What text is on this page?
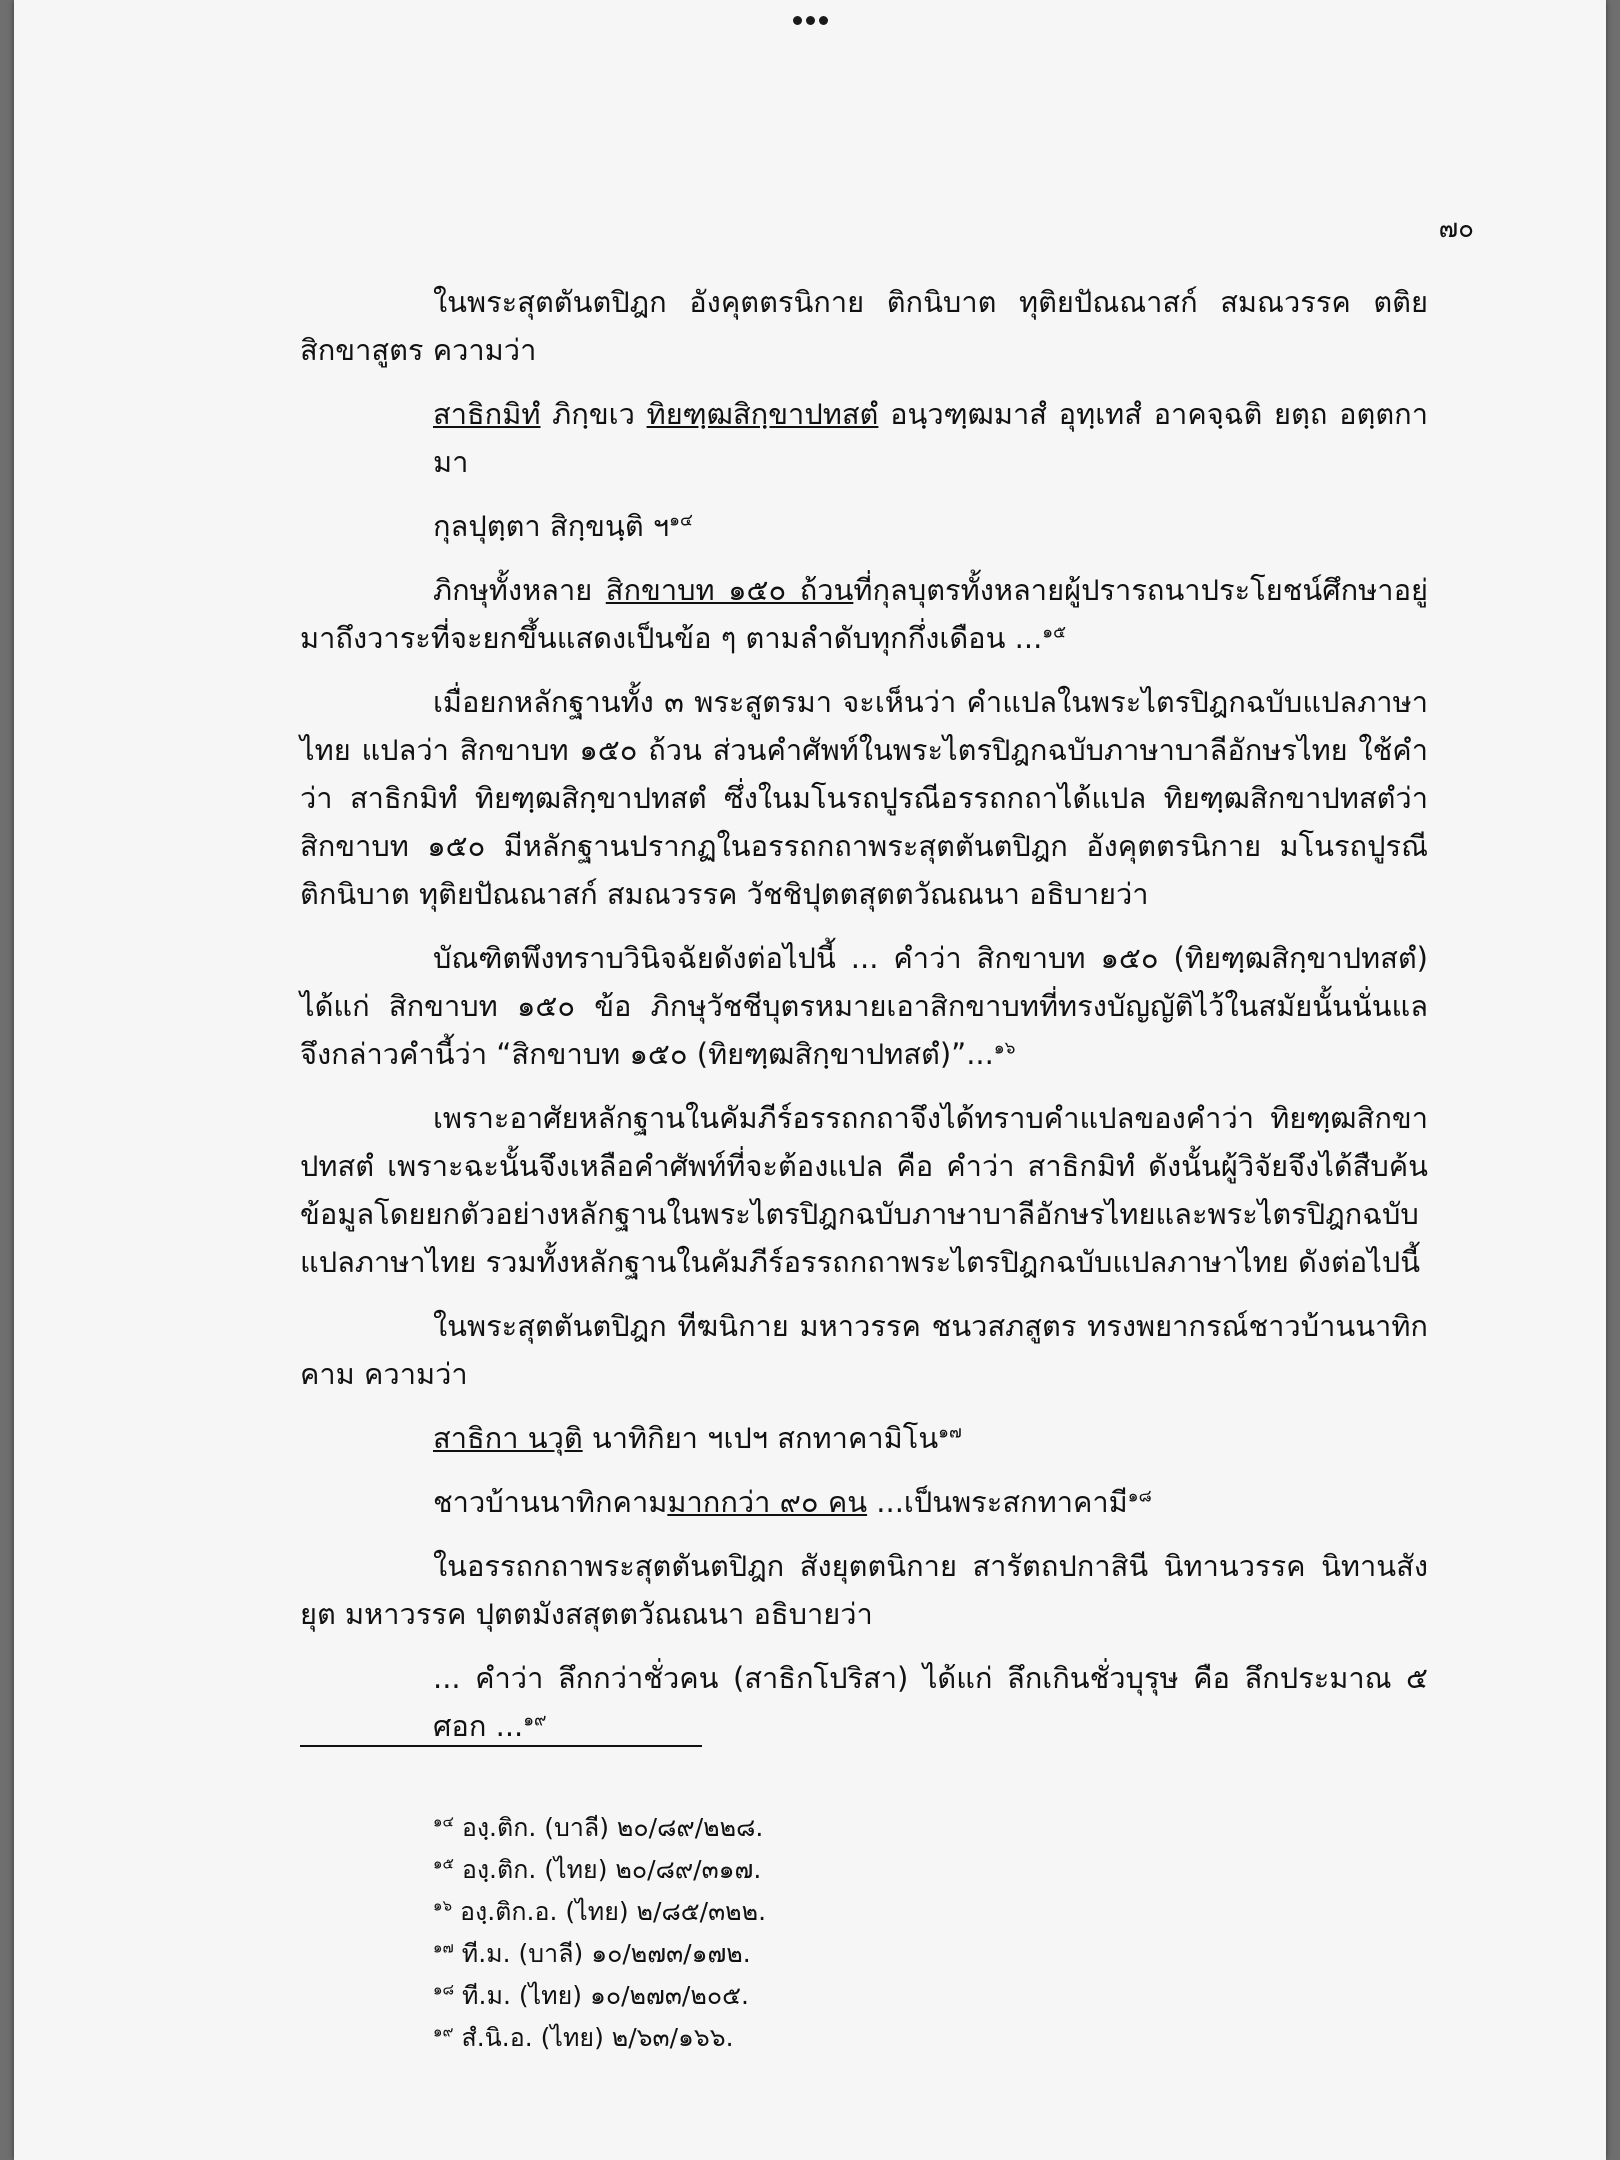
๗๐

ในพระสุตตันตปิฎก อังคุตตรนิกาย ติกนิบาต ทุติยปัณณาสก์ สมณวรรค ตติยสิกขาสูตร ความว่า

สาธิกมิทํ ภิกฺขเว ทิยฑฺฒสิกฺขาปทสตํ อนฺวฑฺฒมาสํ อุทฺเทสํ อาคจฺฉติ ยตฺถ อตฺตกามา

กุลปุตฺตา สิกฺขนฺติ ฯ$^{๑๔}$

ภิกษุทั้งหลาย สิกขาบท ๑๕๐ ถ้วนที่กุลบุตรทั้งหลายผู้ปรารถนาประโยชน์ศึกษาอยู่ มาถึงวาระที่จะยกขึ้นแสดงเป็นข้อ ๆ ตามลำดับทุกกึ่งเดือน ...$^{๑๕}$

เมื่อยกหลักฐานทั้ง ๓ พระสูตรมา จะเห็นว่า คำแปลในพระไตรปิฎกฉบับแปลภาษาไทย แปลว่า สิกขาบท ๑๕๐ ถ้วน ส่วนคำศัพท์ในพระไตรปิฎกฉบับภาษาบาลีอักษรไทย ใช้คำว่า สาธิกมิทํ ทิยฑฺฒสิกฺขาปทสตํ ซึ่งในมโนรถปูรณีอรรถกถาได้แปล ทิยฑฺฒสิกขาปทสตํว่า สิกขาบท ๑๕๐ มีหลักฐานปรากฏในอรรถกถาพระสุตตันตปิฎก อังคุตตรนิกาย มโนรถปูรณี ติกนิบาต ทุติยปัณณาสก์ สมณวรรค วัชชิปุตตสุตตวัณณนา อธิบายว่า

บัณฑิตพึงทราบวินิจฉัยดังต่อไปนี้ ... คำว่า สิกขาบท ๑๕๐ (ทิยฑฺฒสิกฺขาปทสตํ) ได้แก่ สิกขาบท ๑๕๐ ข้อ ภิกษุวัชชีบุตรหมายเอาสิกขาบทที่ทรงบัญญัติไว้ในสมัยนั้นนั่นแล จึงกล่าวคำนี้ว่า “สิกขาบท ๑๕๐ (ทิยฑฺฒสิกฺขาปทสตํ)”...$^{๑๖}$

เพราะอาศัยหลักฐานในคัมภีร์อรรถกถาจึงได้ทราบคำแปลของคำว่า ทิยฑฺฒสิกขาปทสตํ เพราะฉะนั้นจึงเหลือคำศัพท์ที่จะต้องแปล คือ คำว่า สาธิกมิทํ ดังนั้นผู้วิจัยจึงได้สืบค้นข้อมูลโดยยกตัวอย่างหลักฐานในพระไตรปิฎกฉบับภาษาบาลีอักษรไทยและพระไตรปิฎกฉบับแปลภาษาไทย รวมทั้งหลักฐานในคัมภีร์อรรถกถาพระไตรปิฎกฉบับแปลภาษาไทย ดังต่อไปนี้

ในพระสุตตันตปิฎก ทีฆนิกาย มหาวรรค ชนวสภสูตร ทรงพยากรณ์ชาวบ้านนาทิกคาม ความว่า

สาธิกา นวุติ นาทิกิยา ฯเปฯ สกทาคามิโน$^{๑๗}$

ชาวบ้านนาทิกคามมากกว่า ๙๐ คน ...เป็นพระสกทาคามี$^{๑๘}$

ในอรรถกถาพระสุตตันตปิฎก สังยุตตนิกาย สารัตถปกาสินี นิทานวรรค นิทานสังยุต มหาวรรค ปุตตมังสสุตตวัณณนา อธิบายว่า

... คำว่า ลึกกว่าชั่วคน (สาธิกโปริสา) ได้แก่ ลึกเกินชั่วบุรุษ คือ ลึกประมาณ ๕ ศอก ...$^{๑๙}$

$^{๑๔}$ องฺ.ติก. (บาลี) ๒๐/๘๙/๒๒๘.

$^{๑๕}$ องฺ.ติก. (ไทย) ๒๐/๘๙/๓๑๗.

$^{๑๖}$ องฺ.ติก.อ. (ไทย) ๒/๘๕/๓๒๒.

$^{๑๗}$ ที.ม. (บาลี) ๑๐/๒๗๓/๑๗๒.

$^{๑๘}$ ที.ม. (ไทย) ๑๐/๒๗๓/๒๐๕.

$^{๑๙}$ สํ.นิ.อ. (ไทย) ๒/๖๓/๑๖๖.
